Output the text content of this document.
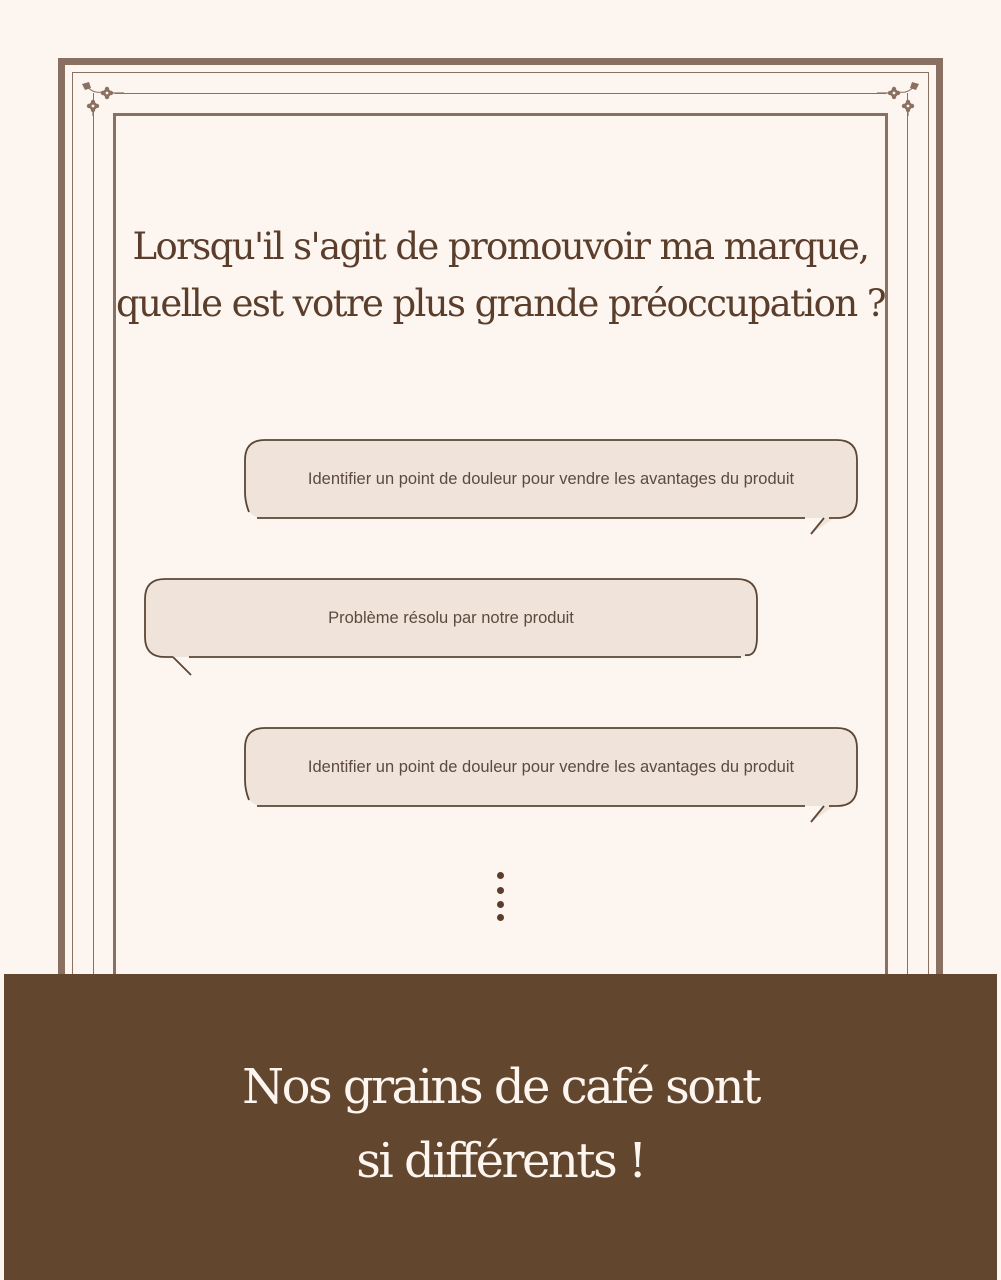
Lorsqu'il s'agit de promouvoir ma marque,
quelle est votre plus grande préoccupation ?
Identifier un point de douleur pour vendre les avantages du produit
Problème résolu par notre produit
Identifier un point de douleur pour vendre les avantages du produit
Nos grains de café sont
si différents !
